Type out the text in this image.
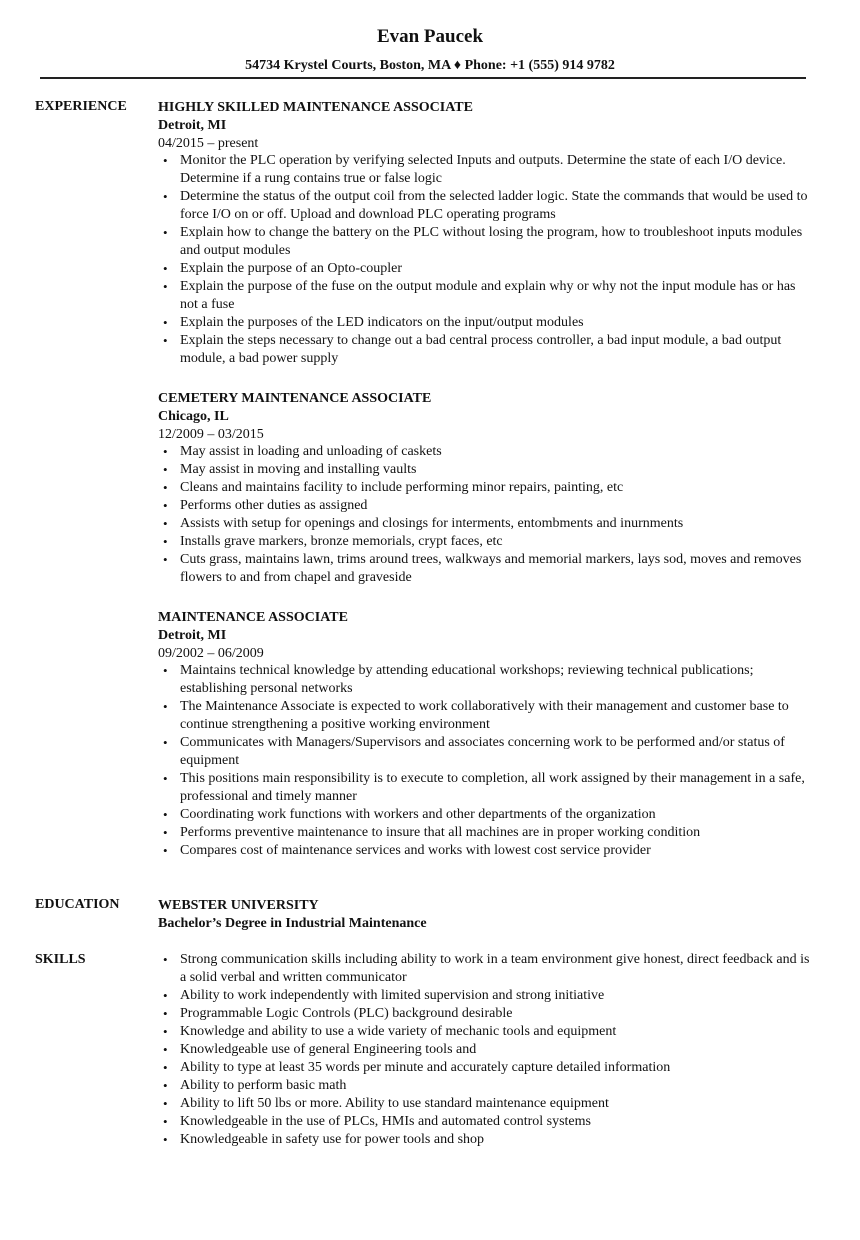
Evan Paucek
54734 Krystel Courts, Boston, MA ♦ Phone: +1 (555) 914 9782
EXPERIENCE	HIGHLY SKILLED MAINTENANCE ASSOCIATE
Detroit, MI
04/2015 – present
• Monitor the PLC operation by verifying selected Inputs and outputs. Determine the state of each I/O device. Determine if a rung contains true or false logic
• Determine the status of the output coil from the selected ladder logic. State the commands that would be used to force I/O on or off. Upload and download PLC operating programs
• Explain how to change the battery on the PLC without losing the program, how to troubleshoot inputs modules and output modules
• Explain the purpose of an Opto-coupler
• Explain the purpose of the fuse on the output module and explain why or why not the input module has or has not a fuse
• Explain the purposes of the LED indicators on the input/output modules
• Explain the steps necessary to change out a bad central process controller, a bad input module, a bad output module, a bad power supply
CEMETERY MAINTENANCE ASSOCIATE
Chicago, IL
12/2009 – 03/2015
• May assist in loading and unloading of caskets
• May assist in moving and installing vaults
• Cleans and maintains facility to include performing minor repairs, painting, etc
• Performs other duties as assigned
• Assists with setup for openings and closings for interments, entombments and inurnments
• Installs grave markers, bronze memorials, crypt faces, etc
• Cuts grass, maintains lawn, trims around trees, walkways and memorial markers, lays sod, moves and removes flowers to and from chapel and graveside
MAINTENANCE ASSOCIATE
Detroit, MI
09/2002 – 06/2009
• Maintains technical knowledge by attending educational workshops; reviewing technical publications; establishing personal networks
• The Maintenance Associate is expected to work collaboratively with their management and customer base to continue strengthening a positive working environment
• Communicates with Managers/Supervisors and associates concerning work to be performed and/or status of equipment
• This positions main responsibility is to execute to completion, all work assigned by their management in a safe, professional and timely manner
• Coordinating work functions with workers and other departments of the organization
• Performs preventive maintenance to insure that all machines are in proper working condition
• Compares cost of maintenance services and works with lowest cost service provider
EDUCATION	WEBSTER UNIVERSITY
Bachelor’s Degree in Industrial Maintenance
SKILLS
•	Strong communication skills including ability to work in a team environment give honest, direct feedback and is a solid verbal and written communicator
• Ability to work independently with limited supervision and strong initiative
• Programmable Logic Controls (PLC) background desirable
• Knowledge and ability to use a wide variety of mechanic tools and equipment
• Knowledgeable use of general Engineering tools and
• Ability to type at least 35 words per minute and accurately capture detailed information
• Ability to perform basic math
• Ability to lift 50 lbs or more. Ability to use standard maintenance equipment
• Knowledgeable in the use of PLCs, HMIs and automated control systems
• Knowledgeable in safety use for power tools and shop
